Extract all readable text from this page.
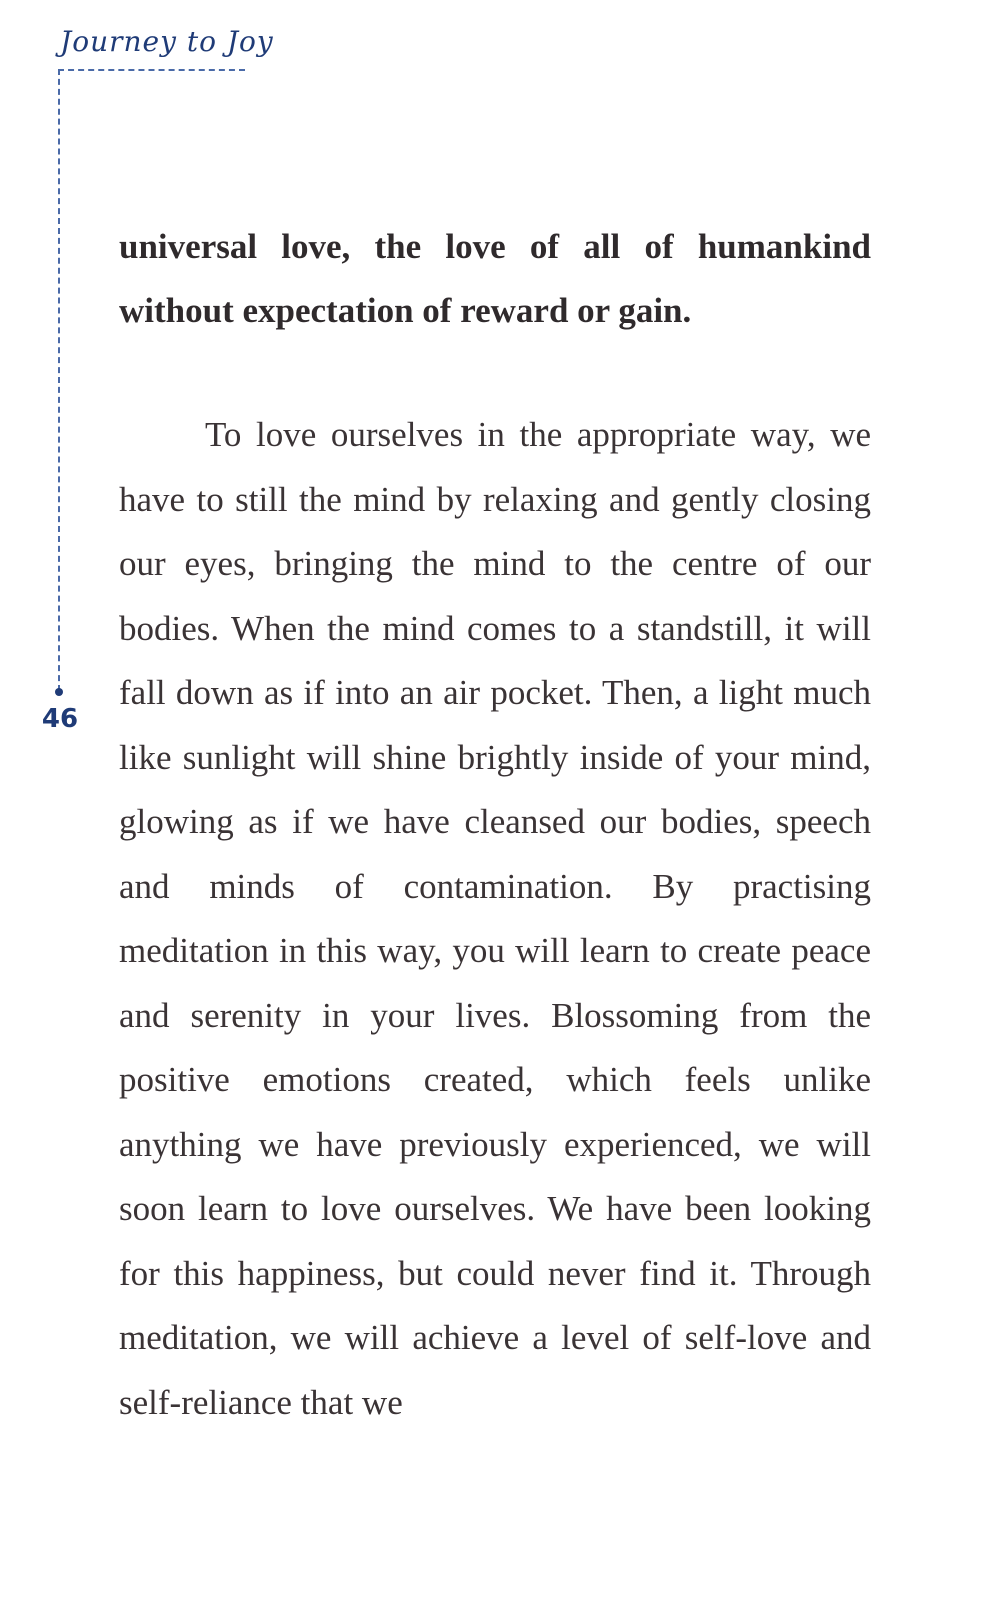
Journey to Joy
46

universal love, the love of all of humankind without expectation of reward or gain.

To love ourselves in the appropriate way, we have to still the mind by relaxing and gently closing our eyes, bringing the mind to the centre of our bodies. When the mind comes to a standstill, it will fall down as if into an air pocket. Then, a light much like sunlight will shine brightly inside of your mind, glowing as if we have cleansed our bodies, speech and minds of contamination. By practising meditation in this way, you will learn to create peace and serenity in your lives. Blossoming from the positive emotions created, which feels unlike anything we have previously experienced, we will soon learn to love ourselves. We have been looking for this happiness, but could never find it. Through meditation, we will achieve a level of self-love and self-reliance that we
